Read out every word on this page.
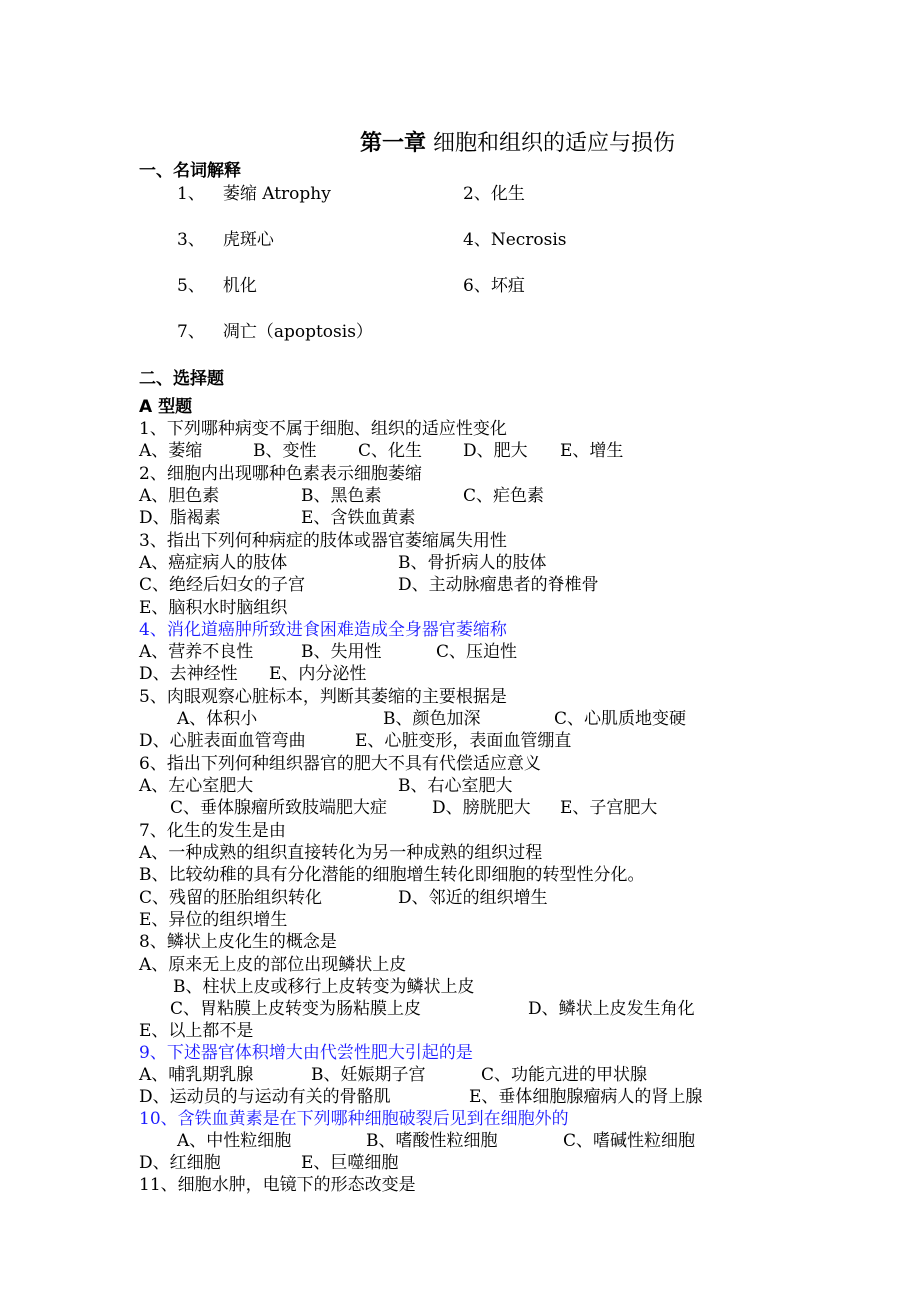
第一章 细胞和组织的适应与损伤
一、名词解释
1、 萎缩 Atrophy	2、化生
3、 虎斑心	4、Necrosis
5、 机化	6、坏疽
7、 凋亡（apoptosis）
二、选择题
A 型题
1、下列哪种病变不属于细胞、组织的适应性变化
A、萎缩	B、变性 C、化生 D、肥大 E、增生
2、细胞内出现哪种色素表示细胞萎缩
A、胆色素	B、黑色素	C、疟色素
D、脂褐素	E、含铁血黄素
3、指出下列何种病症的肢体或器官萎缩属失用性
A、癌症病人的肢体	B、骨折病人的肢体
C、绝经后妇女的子宫	D、主动脉瘤患者的脊椎骨
E、脑积水时脑组织
4、消化道癌肿所致进食困难造成全身器官萎缩称
A、营养不良性	B、失用性	C、压迫性
D、去神经性 E、内分泌性
5、肉眼观察心脏标本，判断其萎缩的主要根据是
A、体积小	B、颜色加深	C、心肌质地变硬
D、心脏表面血管弯曲	E、心脏变形，表面血管绷直
6、指出下列何种组织器官的肥大不具有代偿适应意义
A、左心室肥大	B、右心室肥大
C、垂体腺瘤所致肢端肥大症	D、膀胱肥大 E、子宫肥大
7、化生的发生是由
A、一种成熟的组织直接转化为另一种成熟的组织过程
B、比较幼稚的具有分化潜能的细胞增生转化即细胞的转型性分化。
C、残留的胚胎组织转化	D、邻近的组织增生
E、异位的组织增生
8、鳞状上皮化生的概念是
A、原来无上皮的部位出现鳞状上皮
B、柱状上皮或移行上皮转变为鳞状上皮
C、胃粘膜上皮转变为肠粘膜上皮	D、鳞状上皮发生角化
E、以上都不是
9、下述器官体积增大由代尝性肥大引起的是
A、哺乳期乳腺	B、妊娠期子宫	C、功能亢进的甲状腺
D、运动员的与运动有关的骨骼肌	E、垂体细胞腺瘤病人的肾上腺
10、含铁血黄素是在下列哪种细胞破裂后见到在细胞外的
A、中性粒细胞	B、嗜酸性粒细胞	C、嗜碱性粒细胞
D、红细胞	E、巨噬细胞
11、细胞水肿，电镜下的形态改变是
